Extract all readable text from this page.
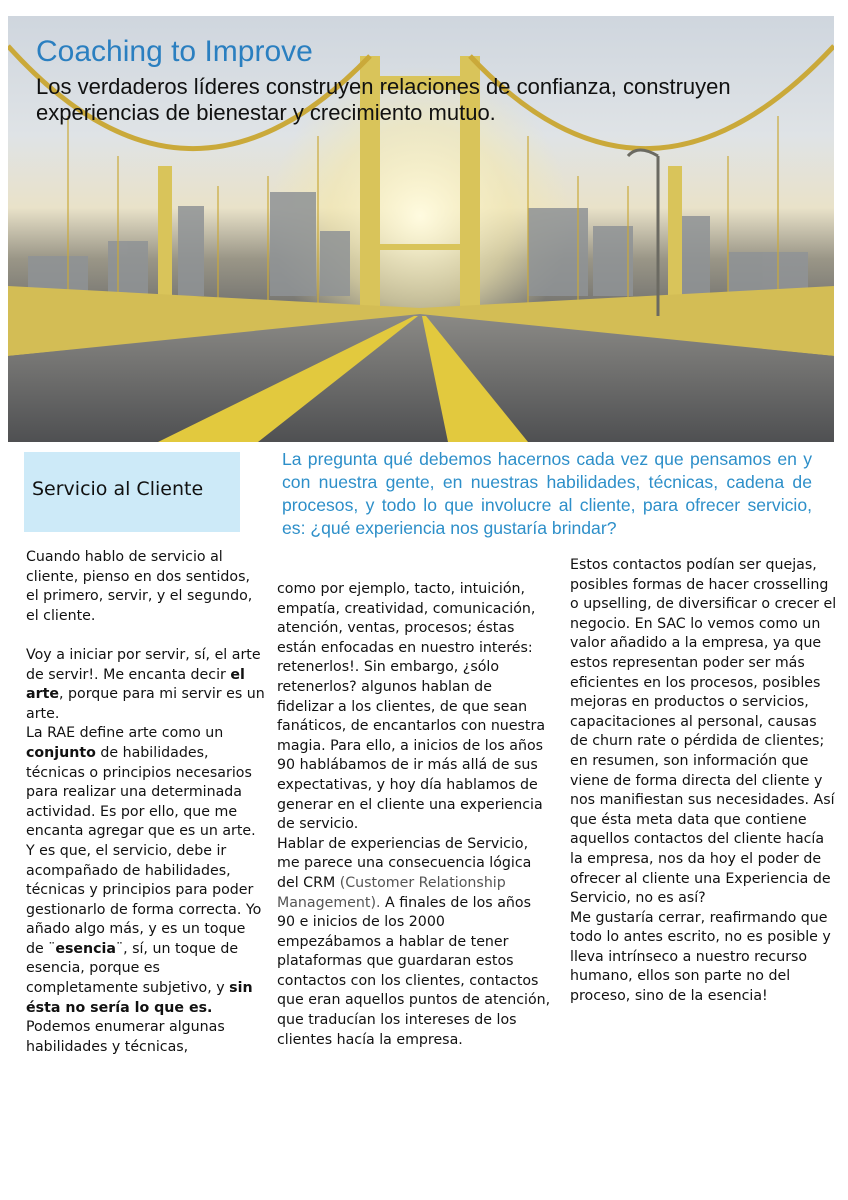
Coaching to Improve

Los verdaderos líderes construyen relaciones de confianza, construyen experiencias de bienestar y crecimiento mutuo.

Servicio al Cliente

La pregunta qué debemos hacernos cada vez que pensamos en y con nuestra gente, en nuestras habilidades, técnicas, cadena de procesos, y todo lo que involucre al cliente, para ofrecer servicio, es: ¿qué experiencia nos gustaría brindar?

Cuando hablo de servicio al cliente, pienso en dos sentidos, el primero, servir, y el segundo, el cliente.

Voy a iniciar por servir, sí, el arte de servir!. Me encanta decir el arte, porque para mi servir es un arte.

La RAE define arte como un conjunto de habilidades, técnicas o principios necesarios para realizar una determinada actividad. Es por ello, que me encanta agregar que es un arte. Y es que, el servicio, debe ir acompañado de habilidades, técnicas y principios para poder gestionarlo de forma correcta. Yo añado algo más, y es un toque de ¨esencia¨, sí, un toque de esencia, porque es completamente subjetivo, y sin ésta no sería lo que es.

Podemos enumerar algunas habilidades y técnicas,

como por ejemplo, tacto, intuición, empatía, creatividad, comunicación, atención, ventas, procesos; éstas están enfocadas en nuestro interés: retenerlos!. Sin embargo, ¿sólo retenerlos? algunos hablan de fidelizar a los clientes, de que sean fanáticos, de encantarlos con nuestra magia. Para ello, a inicios de los años 90 hablábamos de ir más allá de sus expectativas, y hoy día hablamos de generar en el cliente una experiencia de servicio.

Hablar de experiencias de Servicio, me parece una consecuencia lógica del CRM (Customer Relationship Management). A finales de los años 90 e inicios de los 2000 empezábamos a hablar de tener plataformas que guardaran estos contactos con los clientes, contactos que eran aquellos puntos de atención, que traducían los intereses de los clientes hacía la empresa.

Estos contactos podían ser quejas, posibles formas de hacer crosselling o upselling, de diversificar o crecer el negocio. En SAC lo vemos como un valor añadido a la empresa, ya que estos representan poder ser más eficientes en los procesos, posibles mejoras en productos o servicios, capacitaciones al personal, causas de churn rate o pérdida de clientes; en resumen, son información que viene de forma directa del cliente y nos manifiestan sus necesidades. Así que ésta meta data que contiene aquellos contactos del cliente hacía la empresa, nos da hoy el poder de ofrecer al cliente una Experiencia de Servicio, no es así?

Me gustaría cerrar, reafirmando que todo lo antes escrito, no es posible y lleva intrínseco a nuestro recurso humano, ellos son parte no del proceso, sino de la esencia!
